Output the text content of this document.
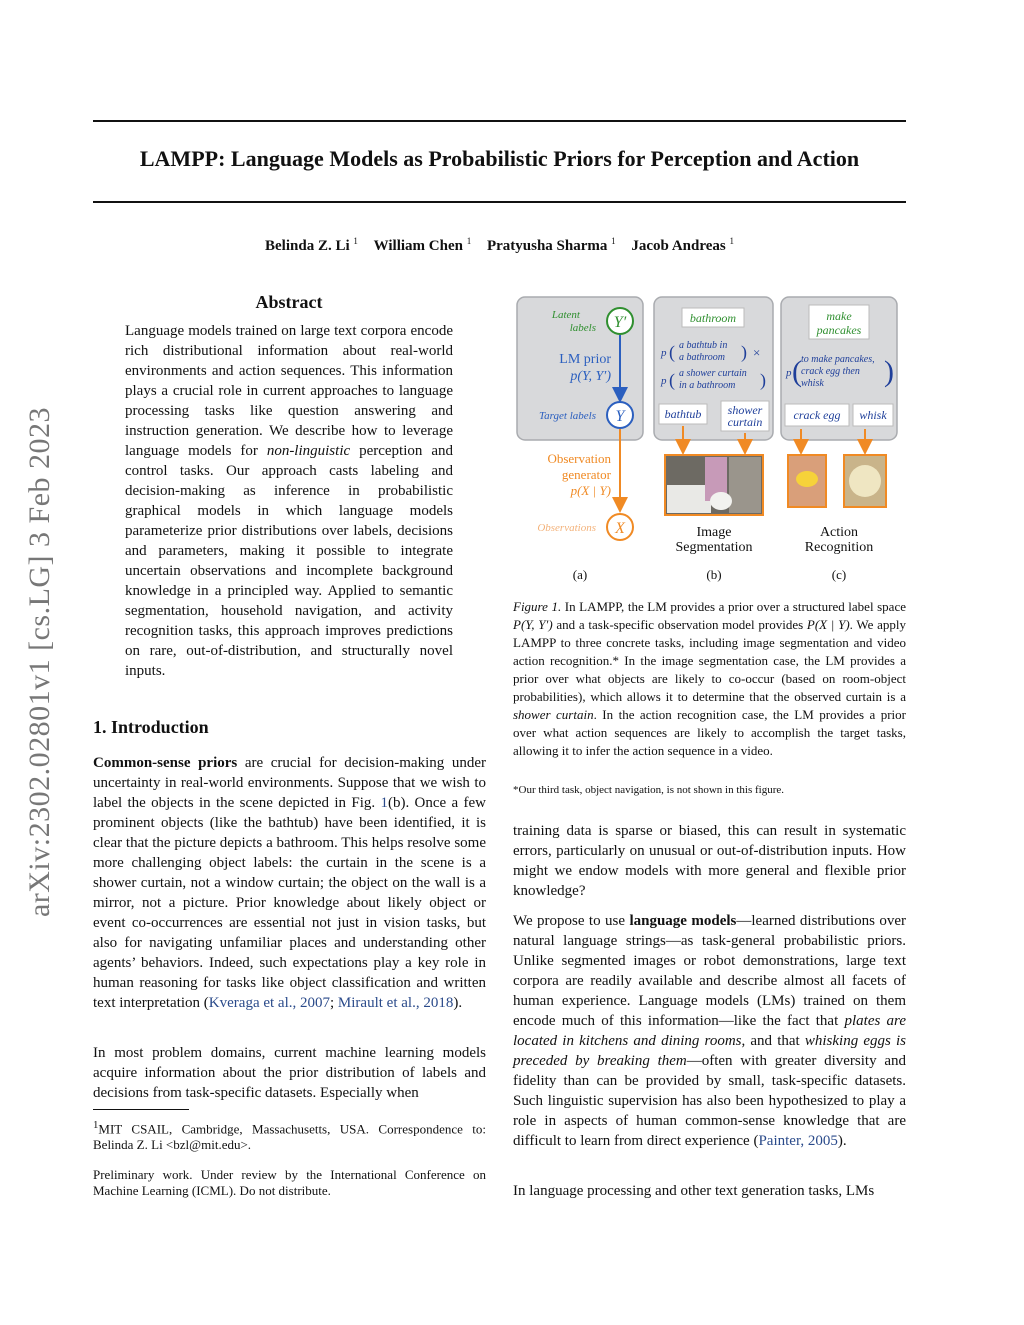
LAMPP: Language Models as Probabilistic Priors for Perception and Action
Belinda Z. Li $^1$ William Chen $^1$ Pratyusha Sharma $^1$ Jacob Andreas $^1$
arXiv:2302.02801v1 [cs.LG] 3 Feb 2023
Abstract

Language models trained on large text corpora encode rich distributional information about real-world environments and action sequences. This information plays a crucial role in current approaches to language processing tasks like question answering and instruction generation. We describe how to leverage language models for non-linguistic perception and control tasks. Our approach casts labeling and decision-making as inference in probabilistic graphical models in which language models parameterize prior distributions over labels, decisions and parameters, making it possible to integrate uncertain observations and incomplete background knowledge in a principled way. Applied to semantic segmentation, household navigation, and activity recognition tasks, this approach improves predictions on rare, out-of-distribution, and structurally novel inputs.

1. Introduction

Common-sense priors are crucial for decision-making under uncertainty in real-world environments. Suppose that we wish to label the objects in the scene depicted in Fig. 1(b). Once a few prominent objects (like the bathtub) have been identified, it is clear that the picture depicts a bathroom. This helps resolve some more challenging object labels: the curtain in the scene is a shower curtain, not a window curtain; the object on the wall is a mirror, not a picture. Prior knowledge about likely object or event co-occurrences are essential not just in vision tasks, but also for navigating unfamiliar places and understanding other agents’ behaviors. Indeed, such expectations play a key role in human reasoning for tasks like object classification and written text interpretation (Kveraga et al., 2007; Mirault et al., 2018).

In most problem domains, current machine learning models acquire information about the prior distribution of labels and decisions from task-specific datasets. Especially when

$^1$MIT CSAIL, Cambridge, Massachusetts, USA. Correspondence to: Belinda Z. Li <bzl@mit.edu>.

Preliminary work. Under review by the International Conference on Machine Learning (ICML). Do not distribute.

training data is sparse or biased, this can result in systematic errors, particularly on unusual or out-of-distribution inputs. How might we endow models with more general and flexible prior knowledge?

We propose to use language models—learned distributions over natural language strings—as task-general probabilistic priors. Unlike segmented images or robot demonstrations, large text corpora are readily available and describe almost all facets of human experience. Language models (LMs) trained on them encode much of this information—like the fact that plates are located in kitchens and dining rooms, and that whisking eggs is preceded by breaking them—often with greater diversity and fidelity than can be provided by small, task-specific datasets. Such linguistic supervision has also been hypothesized to play a role in aspects of human common-sense knowledge that are difficult to learn from direct experience (Painter, 2005).

In language processing and other text generation tasks, LMs

Latent
labels Y′
LM prior
p(Y, Y′)
Target labels Y
Observation
generator
p(X | Y)
Observations X
(a)
bathroom
p ( a bathtub in
a bathroom ) ×
p ( a shower curtain
in a bathroom )
bathtub shower
curtain
Image
Segmentation
(b)
make
pancakes
p ( to make pancakes,
crack egg then
whisk )
crack egg whisk
Action
Recognition
(c)

Figure 1. In LAMPP, the LM provides a prior over a structured label space P(Y, Y′) and a task-specific observation model provides P(X | Y). We apply LAMPP to three concrete tasks, including image segmentation and video action recognition.* In the image segmentation case, the LM provides a prior over what objects are likely to co-occur (based on room-object probabilities), which allows it to determine that the observed curtain is a shower curtain. In the action recognition case, the LM provides a prior over what action sequences are likely to accomplish the target tasks, allowing it to infer the action sequence in a video.

*Our third task, object navigation, is not shown in this figure.
